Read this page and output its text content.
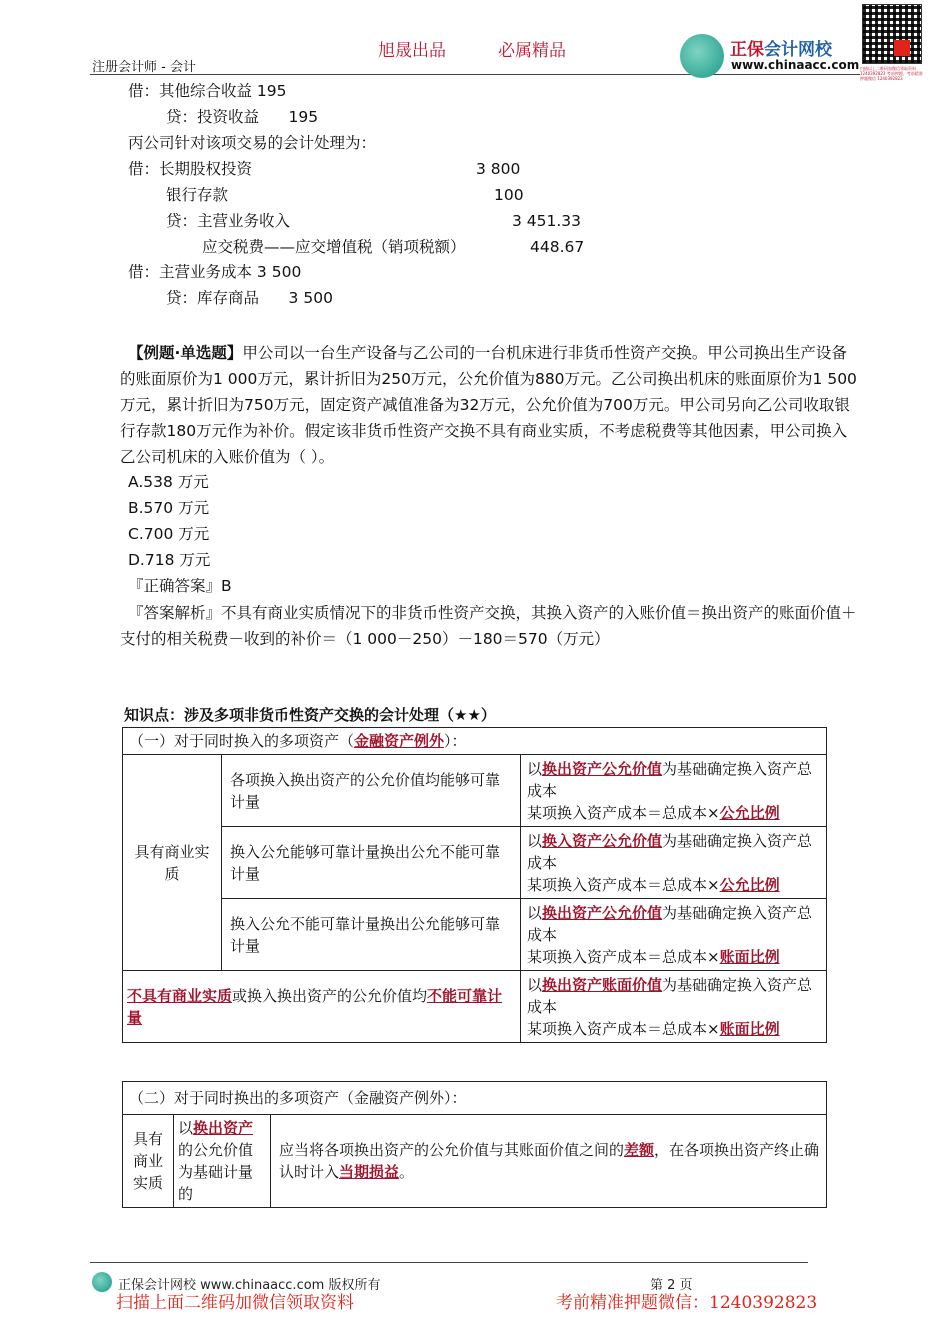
旭晟出品	必属精品
注册会计师 - 会计
正保会计网校
www.chinaacc.com 扫描以上二维码加微信领取资料 1240392823 考前押题，考前精准押题微信 1240392823
借：其他综合收益 195
贷：投资收益      195
丙公司针对该项交易的会计处理为：
借：长期股权投资	3 800
银行存款	100
贷：主营业务收入	3 451.33
应交税费——应交增值税（销项税额）	448.67
借：主营业务成本 3 500
贷：库存商品      3 500

【例题·单选题】甲公司以一台生产设备与乙公司的一台机床进行非货币性资产交换。甲公司换出生产设备的账面原价为1 000万元，累计折旧为250万元，公允价值为880万元。乙公司换出机床的账面原价为1 500万元，累计折旧为750万元，固定资产减值准备为32万元，公允价值为700万元。甲公司另向乙公司收取银行存款180万元作为补价。假定该非货币性资产交换不具有商业实质，不考虑税费等其他因素，甲公司换入乙公司机床的入账价值为（ ）。

A.538 万元
B.570 万元
C.700 万元
D.718 万元
『正确答案』B

『答案解析』不具有商业实质情况下的非货币性资产交换，其换入资产的入账价值＝换出资产的账面价值＋支付的相关税费－收到的补价＝（1 000－250）－180＝570（万元）

知识点：涉及多项非货币性资产交换的会计处理（★★）
（一）对于同时换入的多项资产（金融资产例外）：		
具有商业实质	各项换入换出资产的公允价值均能够可靠计量	以换出资产公允价值为基础确定换入资产总成本
某项换入资产成本＝总成本×公允比例
	换入公允能够可靠计量换出公允不能可靠计量	以换入资产公允价值为基础确定换入资产总成本
某项换入资产成本＝总成本×公允比例
	换入公允不能可靠计量换出公允能够可靠计量	以换出资产公允价值为基础确定换入资产总成本
某项换入资产成本＝总成本×账面比例
不具有商业实质或换入换出资产的公允价值均不能可靠计量		以换出资产账面价值为基础确定换入资产总成本
某项换入资产成本＝总成本×账面比例
（二）对于同时换出的多项资产（金融资产例外）：
具有商业实质	以换出资产的公允价值为基础计量的	应当将各项换出资产的公允价值与其账面价值之间的差额，在各项换出资产终止确认时计入当期损益。
正保会计网校 www.chinaacc.com 版权所有	第 2 页
扫描上面二维码加微信领取资料	考前精准押题微信：1240392823
